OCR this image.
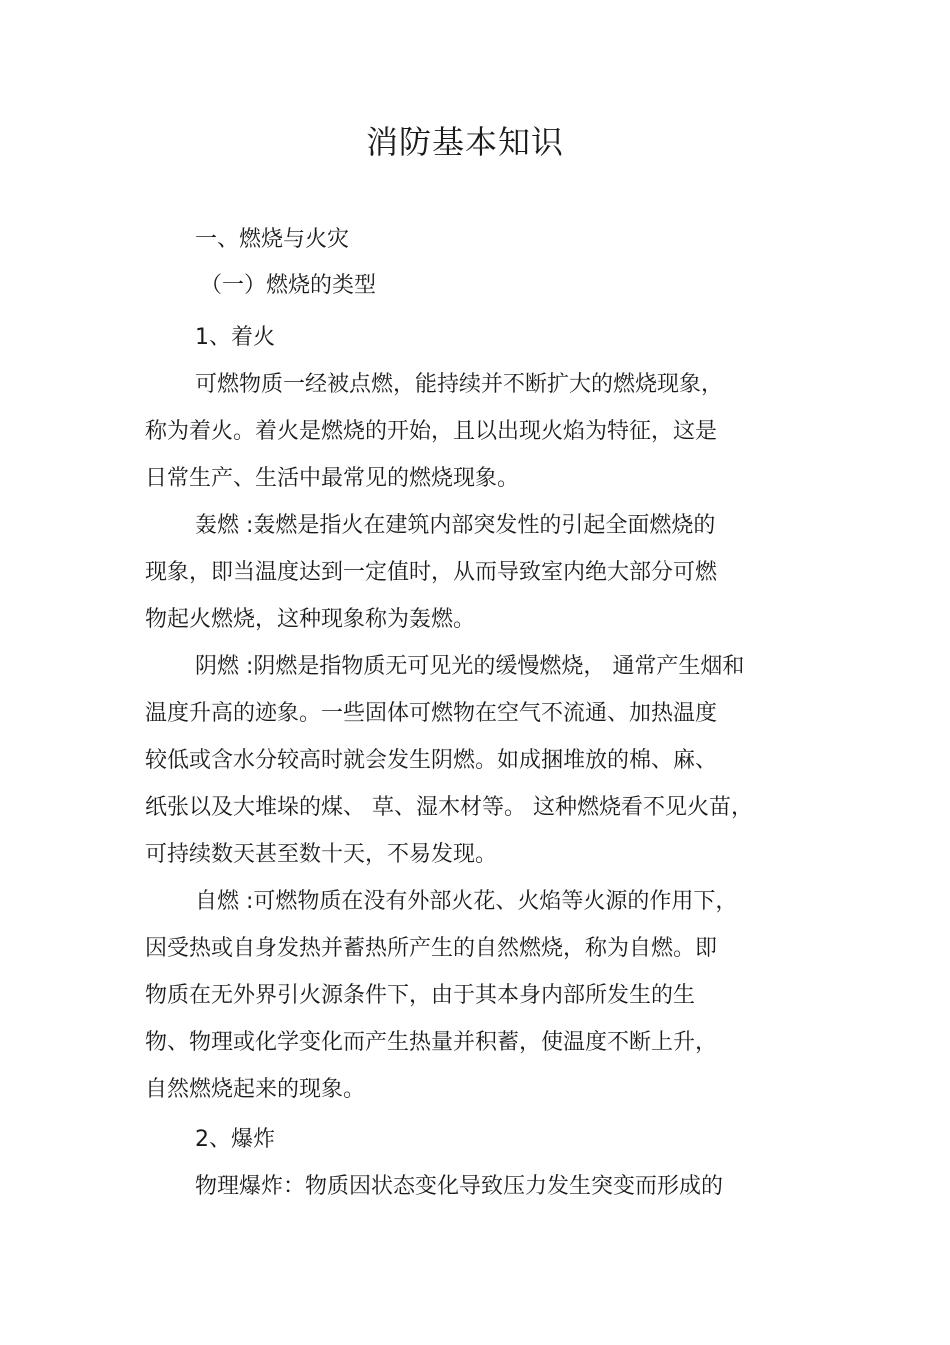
消防基本知识
一、燃烧与火灾
（一）燃烧的类型
1、着火
可燃物质一经被点燃，能持续并不断扩大的燃烧现象，
称为着火。着火是燃烧的开始，且以出现火焰为特征，这是
日常生产、生活中最常见的燃烧现象。
轰燃 :轰燃是指火在建筑内部突发性的引起全面燃烧的
现象，即当温度达到一定值时，从而导致室内绝大部分可燃
物起火燃烧，这种现象称为轰燃。
阴燃 :阴燃是指物质无可见光的缓慢燃烧， 通常产生烟和
温度升高的迹象。一些固体可燃物在空气不流通、加热温度
较低或含水分较高时就会发生阴燃。如成捆堆放的棉、麻、
纸张以及大堆垛的煤、 草、湿木材等。 这种燃烧看不见火苗，
可持续数天甚至数十天，不易发现。
自燃 :可燃物质在没有外部火花、火焰等火源的作用下，
因受热或自身发热并蓄热所产生的自然燃烧，称为自燃。即
物质在无外界引火源条件下，由于其本身内部所发生的生
物、物理或化学变化而产生热量并积蓄，使温度不断上升，
自然燃烧起来的现象。
2、爆炸
物理爆炸：物质因状态变化导致压力发生突变而形成的
